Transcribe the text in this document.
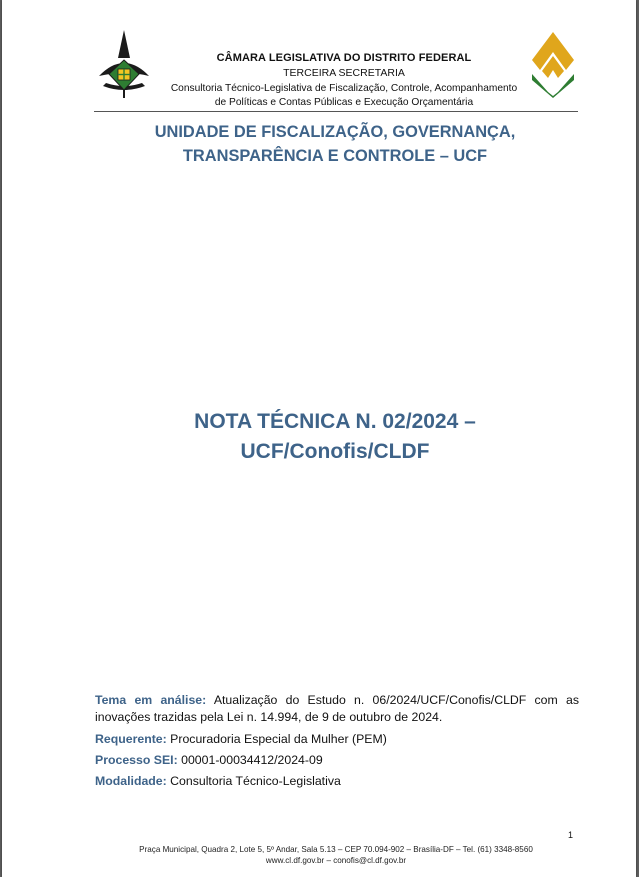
CÂMARA LEGISLATIVA DO DISTRITO FEDERAL
TERCEIRA SECRETARIA
Consultoria Técnico-Legislativa de Fiscalização, Controle, Acompanhamento
de Políticas e Contas Públicas e Execução Orçamentária
UNIDADE DE FISCALIZAÇÃO, GOVERNANÇA,
TRANSPARÊNCIA E CONTROLE – UCF
NOTA TÉCNICA N. 02/2024 –
UCF/Conofis/CLDF
Tema em análise: Atualização do Estudo n. 06/2024/UCF/Conofis/CLDF com as inovações trazidas pela Lei n. 14.994, de 9 de outubro de 2024.
Requerente: Procuradoria Especial da Mulher (PEM)
Processo SEI: 00001-00034412/2024-09
Modalidade: Consultoria Técnico-Legislativa
1
Praça Municipal, Quadra 2, Lote 5, 5º Andar, Sala 5.13 – CEP 70.094-902 – Brasília-DF – Tel. (61) 3348-8560
www.cl.df.gov.br – conofis@cl.df.gov.br
